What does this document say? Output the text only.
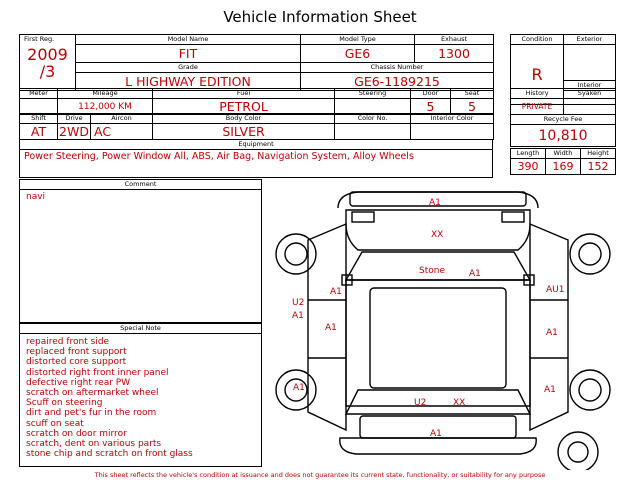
Vehicle Information Sheet
First Reg.
2009
/3	Model Name	Model Type	Exhaust

	FIT	GE6	1300

	Grade	Chassis Number	

	L HIGHWAY EDITION	GE6-1189215	
Condition	Exterior

R	

	Interior

Meter	Mileage	Fuel	Steering	Door	Seat

	112,000 KM	PETROL		5	5
Shift	Drive	Aircon	Body Color	Color No.	Interior Color

AT	2WD	AC	SILVER		

Equipment

Power Steering, Power Window All, ABS, Air Bag, Navigation System, Alloy Wheels
History	Syaken

PRIVATE	

Recycle Fee	

10,810	
Length	Width	Height

390	169	152
Comment
navi
Special Note
repaired front side
replaced front support
distorted core support
distorted right front inner panel
defective right rear PW
scratch on aftermarket wheel
Scuff on steering
dirt and pet's fur in the room
scuff on seat
scratch on door mirror
scratch, dent on various parts
stone chip and scratch on front glass
A1
XX
Stone	A1
A1
U2
A1
A1
AU1
A1
A1	A1
U2	XX
A1
This sheet reflects the vehicle's condition at issuance and does not guarantee its current state, functionality, or suitability for any purpose
